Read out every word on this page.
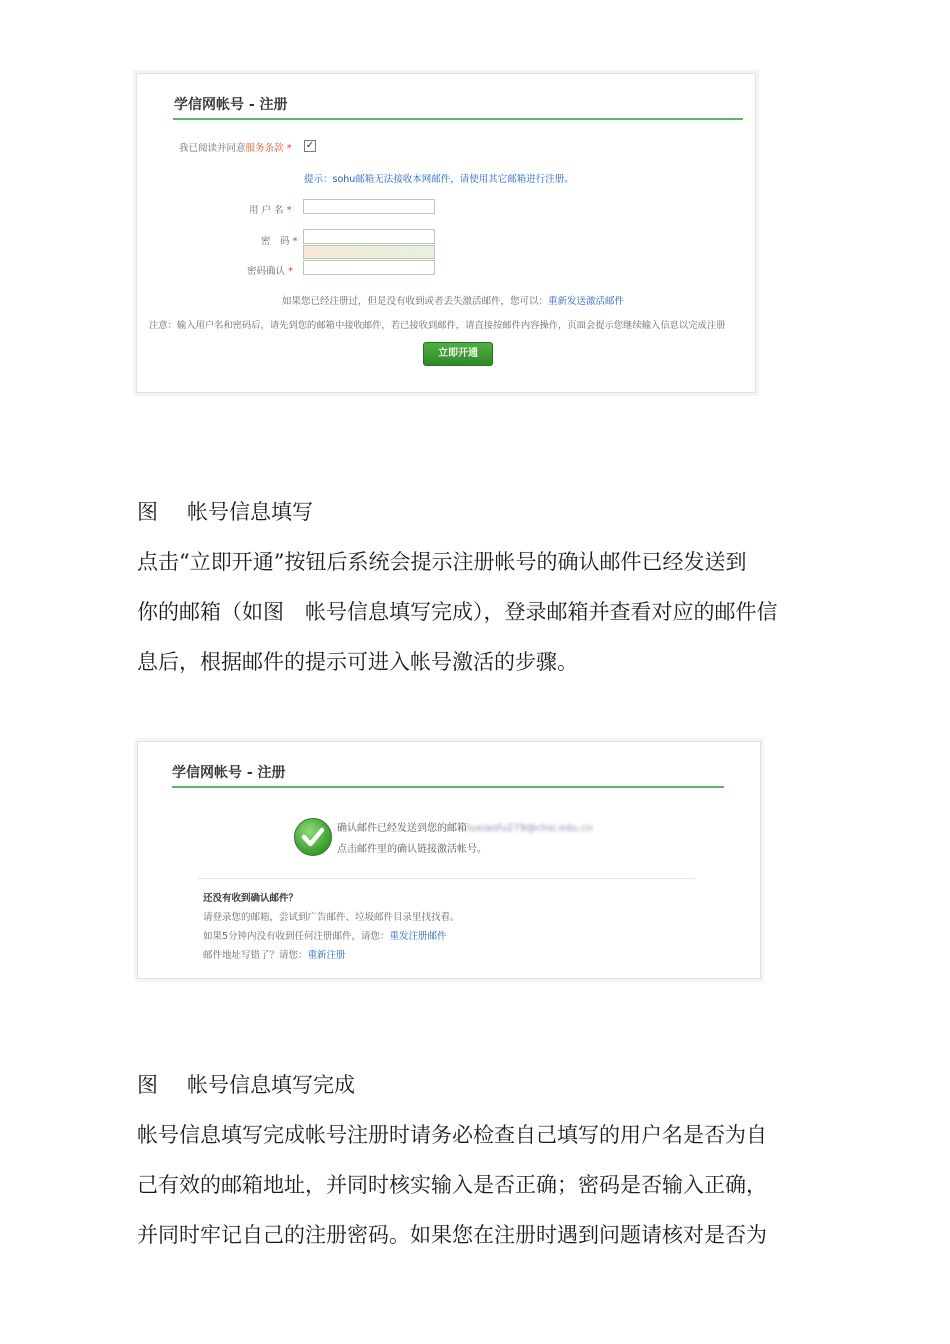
学信网帐号 - 注册
我已阅读并同意服务条款 * ✓
提示：sohu邮箱无法接收本网邮件，请使用其它邮箱进行注册。
用 户 名 *
密　码 *
密码确认 *
如果您已经注册过，但是没有收到或者丢失激活邮件，您可以：重新发送激活邮件
注意：输入用户名和密码后，请先到您的邮箱中接收邮件，若已接收到邮件，请直接按邮件内容操作，页面会提示您继续输入信息以完成注册
立即开通
图 帐号信息填写
点击“立即开通”按钮后系统会提示注册帐号的确认邮件已经发送到
你的邮箱（如图　帐号信息填写完成），登录邮箱并查看对应的邮件信
息后，根据邮件的提示可进入帐号激活的步骤。
学信网帐号 - 注册
确认邮件已经发送到您的邮箱luxiaofu279@chsi.edu.cn
点击邮件里的确认链接激活帐号。
还没有收到确认邮件？
请登录您的邮箱，尝试到广告邮件、垃圾邮件目录里找找看。
如果5分钟内没有收到任何注册邮件，请您：重发注册邮件
邮件地址写错了？请您：重新注册
图 帐号信息填写完成
帐号信息填写完成帐号注册时请务必检查自己填写的用户名是否为自
己有效的邮箱地址，并同时核实输入是否正确；密码是否输入正确，
并同时牢记自己的注册密码。如果您在注册时遇到问题请核对是否为
